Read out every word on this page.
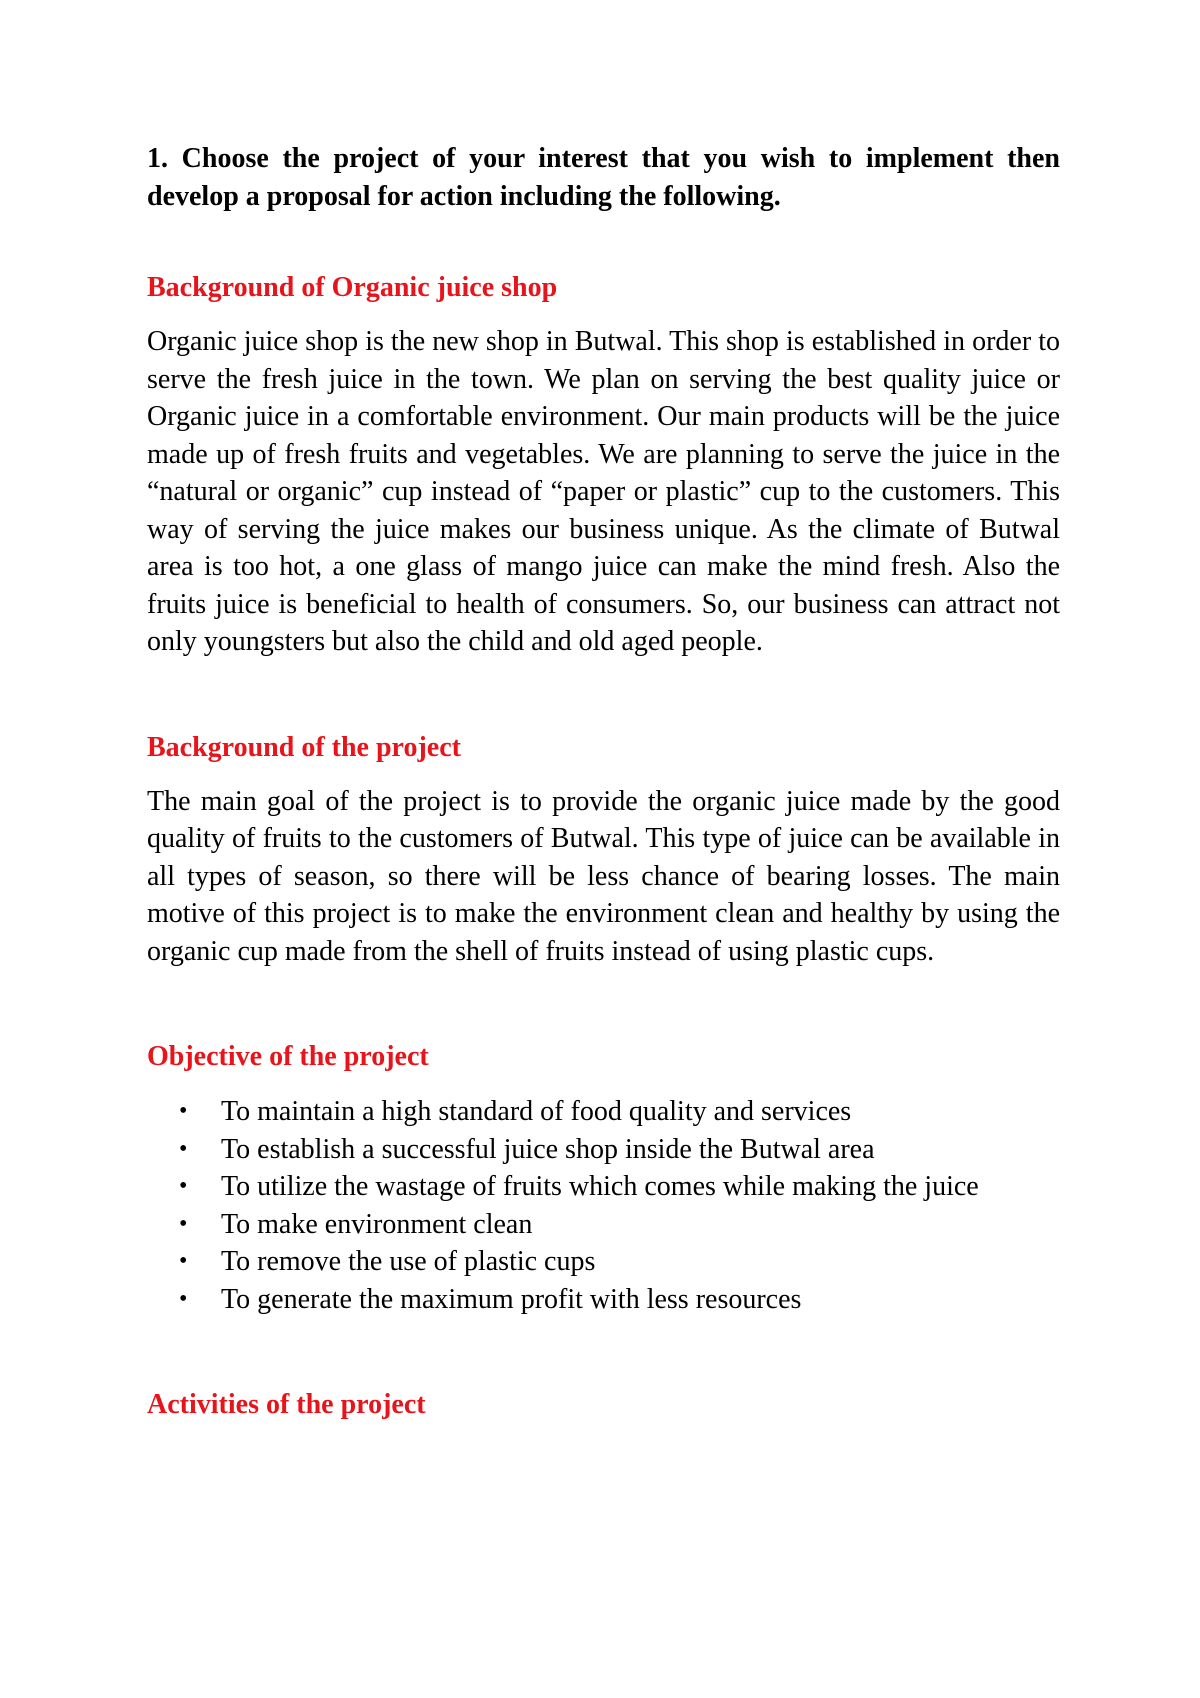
1. Choose the project of your interest that you wish to implement then develop a proposal for action including the following.

Background of Organic juice shop

Organic juice shop is the new shop in Butwal. This shop is established in order to serve the fresh juice in the town. We plan on serving the best quality juice or Organic juice in a comfortable environment. Our main products will be the juice made up of fresh fruits and vegetables. We are planning to serve the juice in the “natural or organic” cup instead of “paper or plastic” cup to the customers. This way of serving the juice makes our business unique. As the climate of Butwal area is too hot, a one glass of mango juice can make the mind fresh. Also the fruits juice is beneficial to health of consumers. So, our business can attract not only youngsters but also the child and old aged people.

Background of the project

The main goal of the project is to provide the organic juice made by the good quality of fruits to the customers of Butwal. This type of juice can be available in all types of season, so there will be less chance of bearing losses. The main motive of this project is to make the environment clean and healthy by using the organic cup made from the shell of fruits instead of using plastic cups.

Objective of the project
• To maintain a high standard of food quality and services
• To establish a successful juice shop inside the Butwal area
• To utilize the wastage of fruits which comes while making the juice
• To make environment clean
• To remove the use of plastic cups
• To generate the maximum profit with less resources
Activities of the project
